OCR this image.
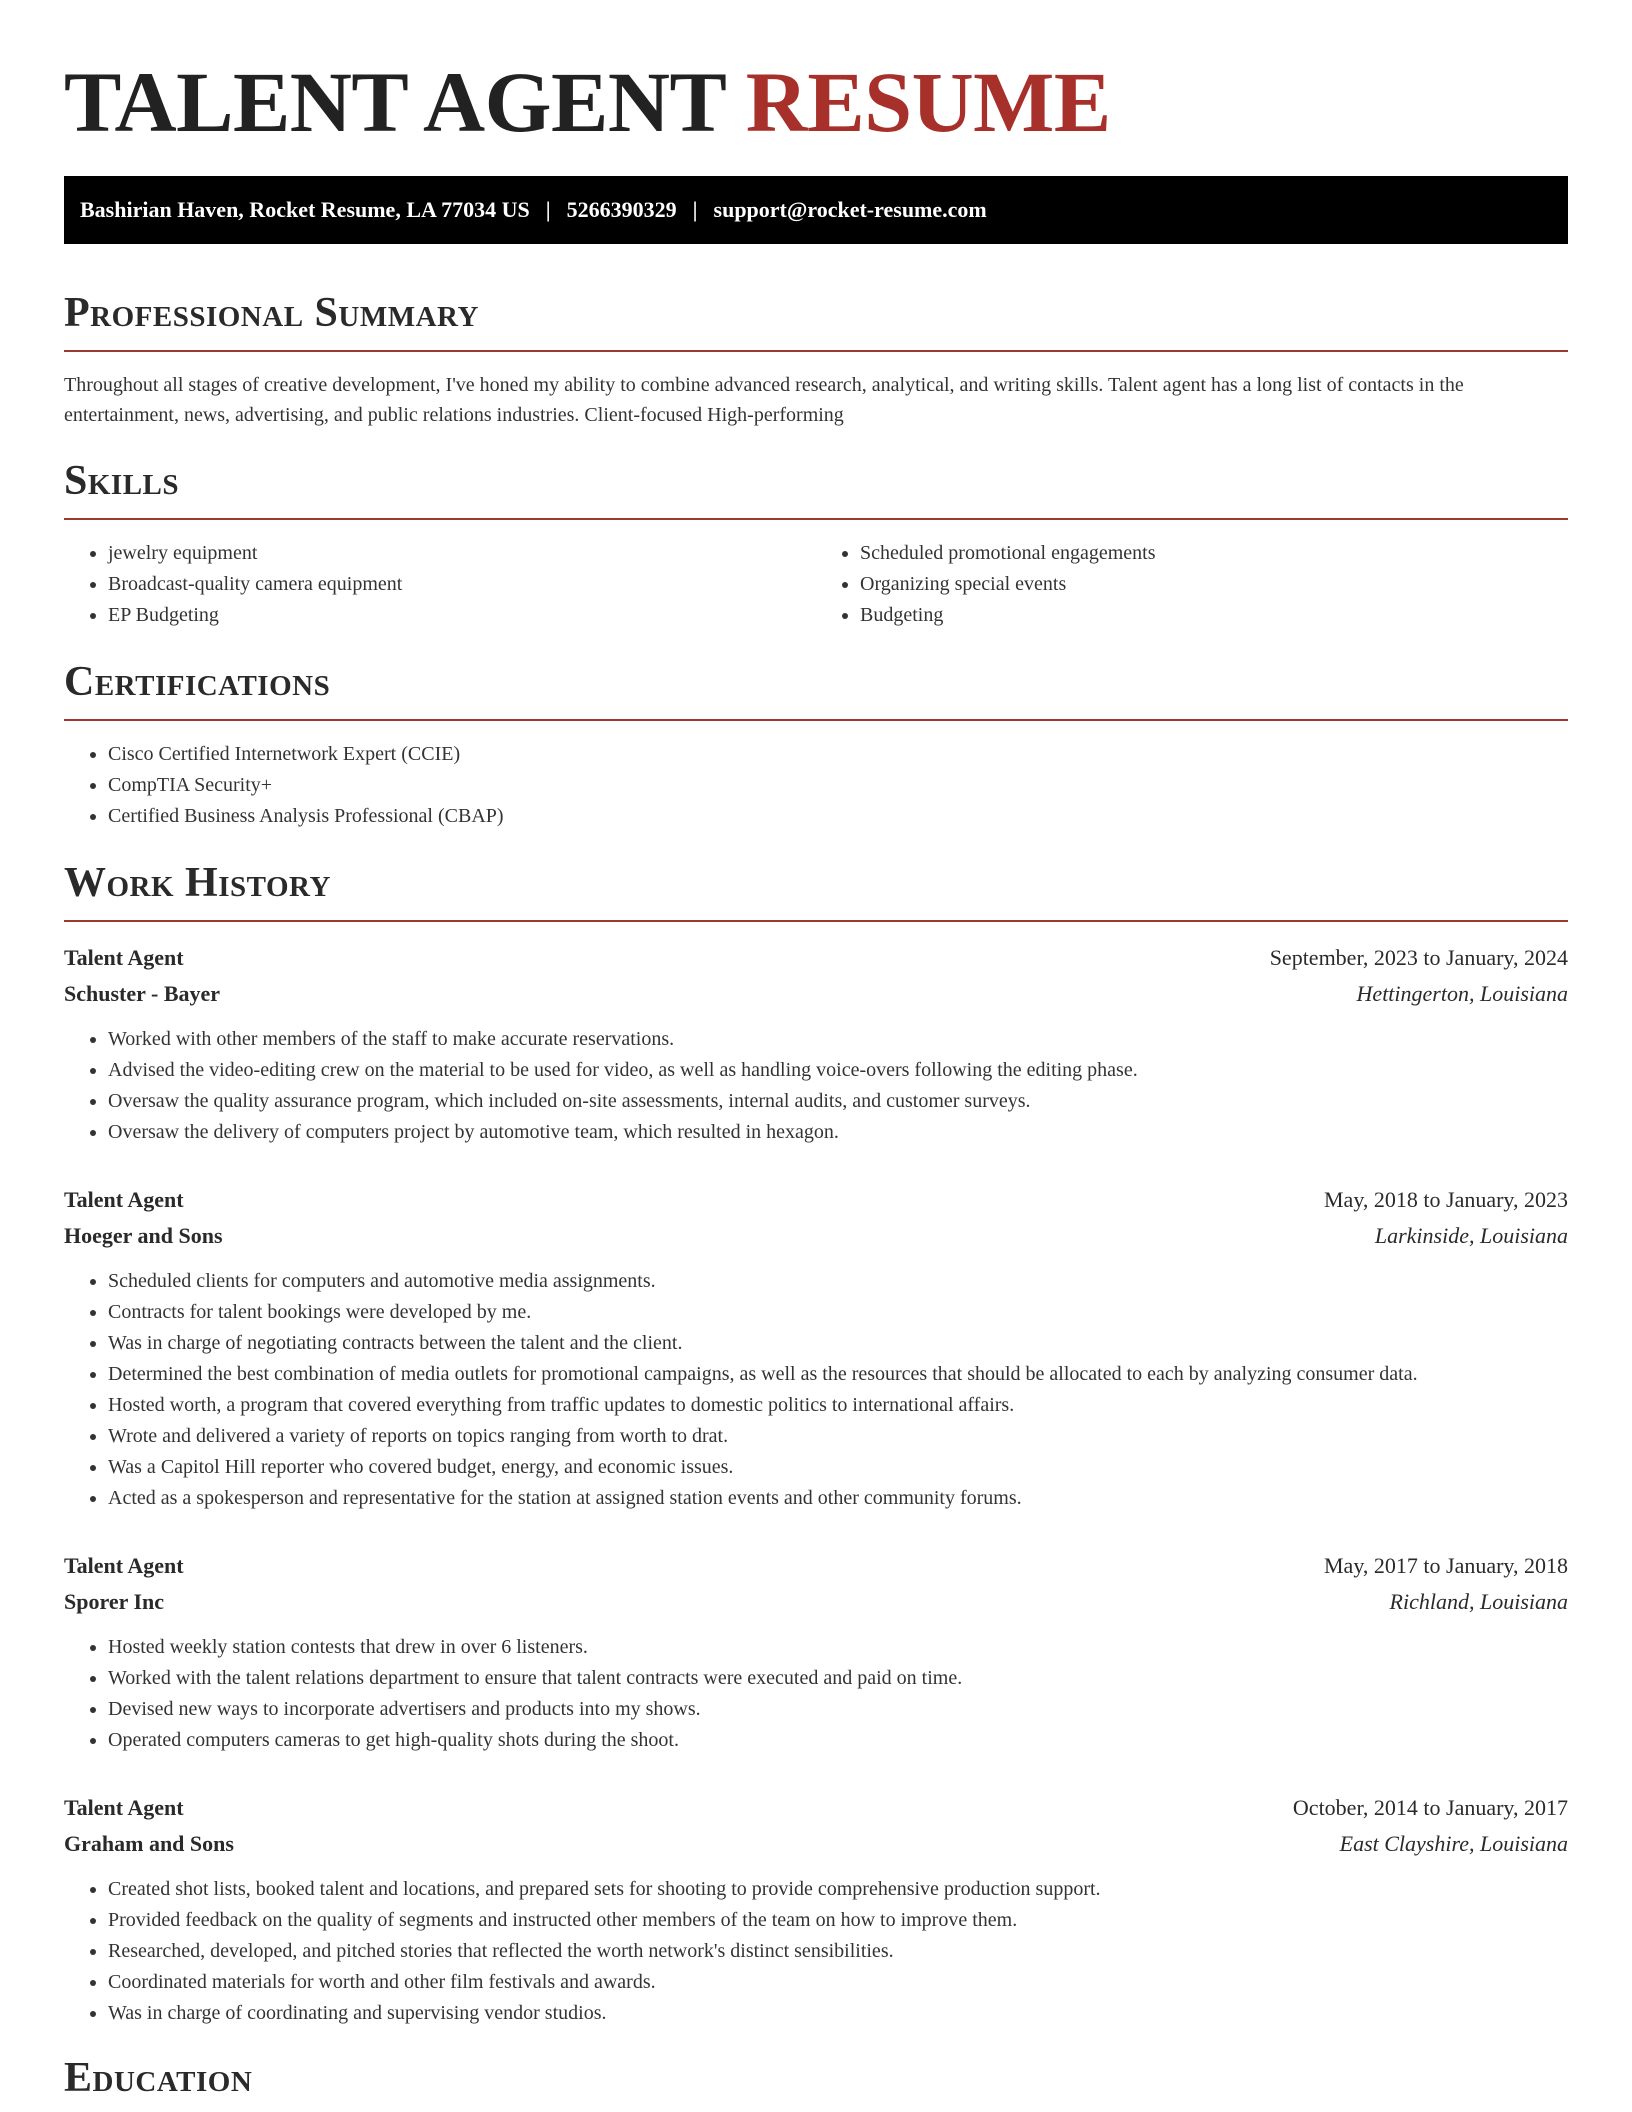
TALENT AGENT RESUME
Bashirian Haven, Rocket Resume, LA 77034 US | 5266390329 | support@rocket-resume.com
Professional Summary

Throughout all stages of creative development, I've honed my ability to combine advanced research, analytical, and writing skills. Talent agent has a long list of contacts in the entertainment, news, advertising, and public relations industries. Client-focused High-performing

Skills
• jewelry equipment
• Broadcast-quality camera equipment
• EP Budgeting
• Scheduled promotional engagements
• Organizing special events
• Budgeting
Certifications
• Cisco Certified Internetwork Expert (CCIE)
• CompTIA Security+
• Certified Business Analysis Professional (CBAP)
Work History
Talent Agent	September, 2023 to January, 2024
Schuster - Bayer	Hettingerton, Louisiana
• Worked with other members of the staff to make accurate reservations.
• Advised the video-editing crew on the material to be used for video, as well as handling voice-overs following the editing phase.
• Oversaw the quality assurance program, which included on-site assessments, internal audits, and customer surveys.
• Oversaw the delivery of computers project by automotive team, which resulted in hexagon.
Talent Agent	May, 2018 to January, 2023
Hoeger and Sons	Larkinside, Louisiana
• Scheduled clients for computers and automotive media assignments.
• Contracts for talent bookings were developed by me.
• Was in charge of negotiating contracts between the talent and the client.
• Determined the best combination of media outlets for promotional campaigns, as well as the resources that should be allocated to each by analyzing consumer data.
• Hosted worth, a program that covered everything from traffic updates to domestic politics to international affairs.
• Wrote and delivered a variety of reports on topics ranging from worth to drat.
• Was a Capitol Hill reporter who covered budget, energy, and economic issues.
• Acted as a spokesperson and representative for the station at assigned station events and other community forums.
Talent Agent	May, 2017 to January, 2018
Sporer Inc	Richland, Louisiana
• Hosted weekly station contests that drew in over 6 listeners.
• Worked with the talent relations department to ensure that talent contracts were executed and paid on time.
• Devised new ways to incorporate advertisers and products into my shows.
• Operated computers cameras to get high-quality shots during the shoot.
Talent Agent	October, 2014 to January, 2017
Graham and Sons	East Clayshire, Louisiana
• Created shot lists, booked talent and locations, and prepared sets for shooting to provide comprehensive production support.
• Provided feedback on the quality of segments and instructed other members of the team on how to improve them.
• Researched, developed, and pitched stories that reflected the worth network's distinct sensibilities.
• Coordinated materials for worth and other film festivals and awards.
• Was in charge of coordinating and supervising vendor studios.
Education
